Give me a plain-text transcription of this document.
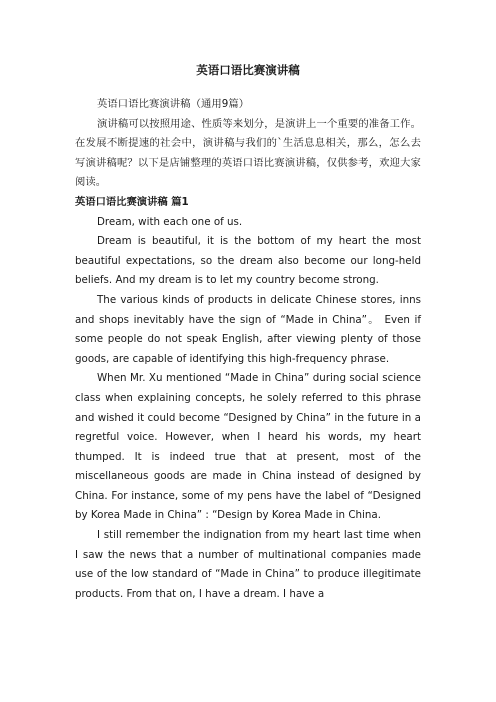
英语口语比赛演讲稿

英语口语比赛演讲稿（通用9篇）

演讲稿可以按照用途、性质等来划分，是演讲上一个重要的准备工作。在发展不断提速的社会中，演讲稿与我们的`生活息息相关，那么，怎么去写演讲稿呢？以下是店铺整理的英语口语比赛演讲稿，仅供参考，欢迎大家阅读。

英语口语比赛演讲稿 篇1

Dream, with each one of us.

Dream is beautiful, it is the bottom of my heart the most beautiful expectations, so the dream also become our long-held beliefs. And my dream is to let my country become strong.

The various kinds of products in delicate Chinese stores, inns and shops inevitably have the sign of “Made in China”。 Even if some people do not speak English, after viewing plenty of those goods, are capable of identifying this high-frequency phrase.

When Mr. Xu mentioned “Made in China” during social science class when explaining concepts, he solely referred to this phrase and wished it could become “Designed by China” in the future in a regretful voice. However, when I heard his words, my heart thumped. It is indeed true that at present, most of the miscellaneous goods are made in China instead of designed by China. For instance, some of my pens have the label of “Designed by Korea Made in China” : “Design by Korea Made in China.

I still remember the indignation from my heart last time when I saw the news that a number of multinational companies made use of the low standard of “Made in China” to produce illegitimate products. From that on, I have a dream. I have a
